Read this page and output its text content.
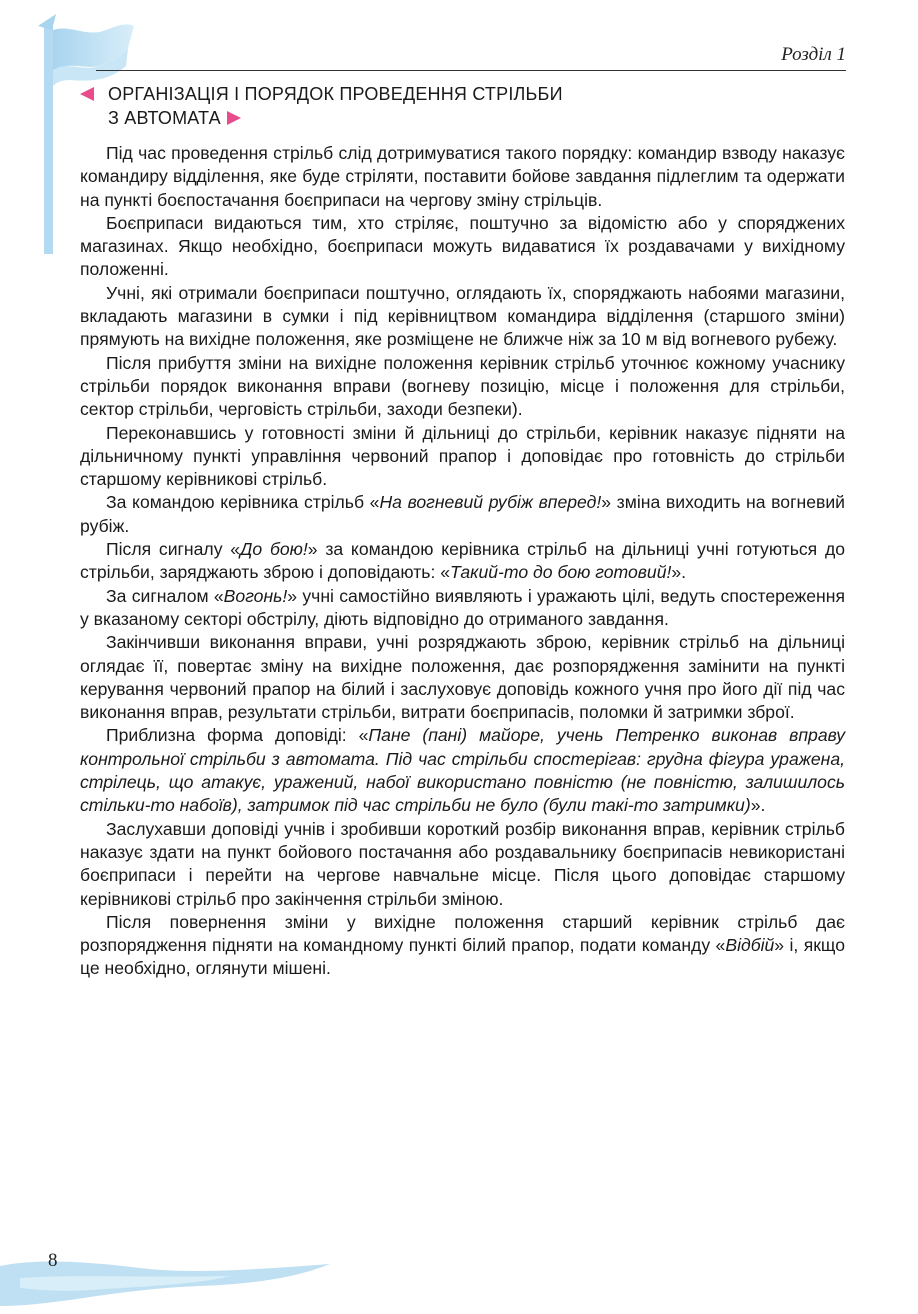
Розділ 1
ОРГАНІЗАЦІЯ І ПОРЯДОК ПРОВЕДЕННЯ СТРІЛЬБИ
З АВТОМАТА

Під час проведення стрільб слід дотримуватися такого порядку: командир взводу наказує командиру відділення, яке буде стріляти, поставити бойове завдання підлеглим та одержати на пункті боєпостачання боєприпаси на чергову зміну стрільців.

Боєприпаси видаються тим, хто стріляє, поштучно за відомістю або у споряджених магазинах. Якщо необхідно, боєприпаси можуть видаватися їх роздавачами у вихідному положенні.

Учні, які отримали боєприпаси поштучно, оглядають їх, споряджають набоями магазини, вкладають магазини в сумки і під керівництвом командира відділення (старшого зміни) прямують на вихідне положення, яке розміщене не ближче ніж за 10 м від вогневого рубежу.

Після прибуття зміни на вихідне положення керівник стрільб уточнює кожному учаснику стрільби порядок виконання вправи (вогневу позицію, місце і положення для стрільби, сектор стрільби, черговість стрільби, заходи безпеки).

Переконавшись у готовності зміни й дільниці до стрільби, керівник наказує підняти на дільничному пункті управління червоний прапор і доповідає про готовність до стрільби старшому керівникові стрільб.

За командою керівника стрільб «На вогневий рубіж вперед!» зміна виходить на вогневий рубіж.

Після сигналу «До бою!» за командою керівника стрільб на дільниці учні готуються до стрільби, заряджають зброю і доповідають: «Такий-то до бою готовий!».

За сигналом «Вогонь!» учні самостійно виявляють і уражають цілі, ведуть спостереження у вказаному секторі обстрілу, діють відповідно до отриманого завдання.

Закінчивши виконання вправи, учні розряджають зброю, керівник стрільб на дільниці оглядає її, повертає зміну на вихідне положення, дає розпорядження замінити на пункті керування червоний прапор на білий і заслуховує доповідь кожного учня про його дії під час виконання вправ, результати стрільби, витрати боєприпасів, поломки й затримки зброї.

Приблизна форма доповіді: «Пане (пані) майоре, учень Петренко виконав вправу контрольної стрільби з автомата. Під час стрільби спостерігав: грудна фігура уражена, стрілець, що атакує, уражений, набої використано повністю (не повністю, залишилось стільки-то набоїв), затримок під час стрільби не було (були такі-то затримки)».

Заслухавши доповіді учнів і зробивши короткий розбір виконання вправ, керівник стрільб наказує здати на пункт бойового постачання або роздавальнику боєприпасів невикористані боєприпаси і перейти на чергове навчальне місце. Після цього доповідає старшому керівникові стрільб про закінчення стрільби зміною.

Після повернення зміни у вихідне положення старший керівник стрільб дає розпорядження підняти на командному пункті білий прапор, подати команду «Відбій» і, якщо це необхідно, оглянути мішені.

8
